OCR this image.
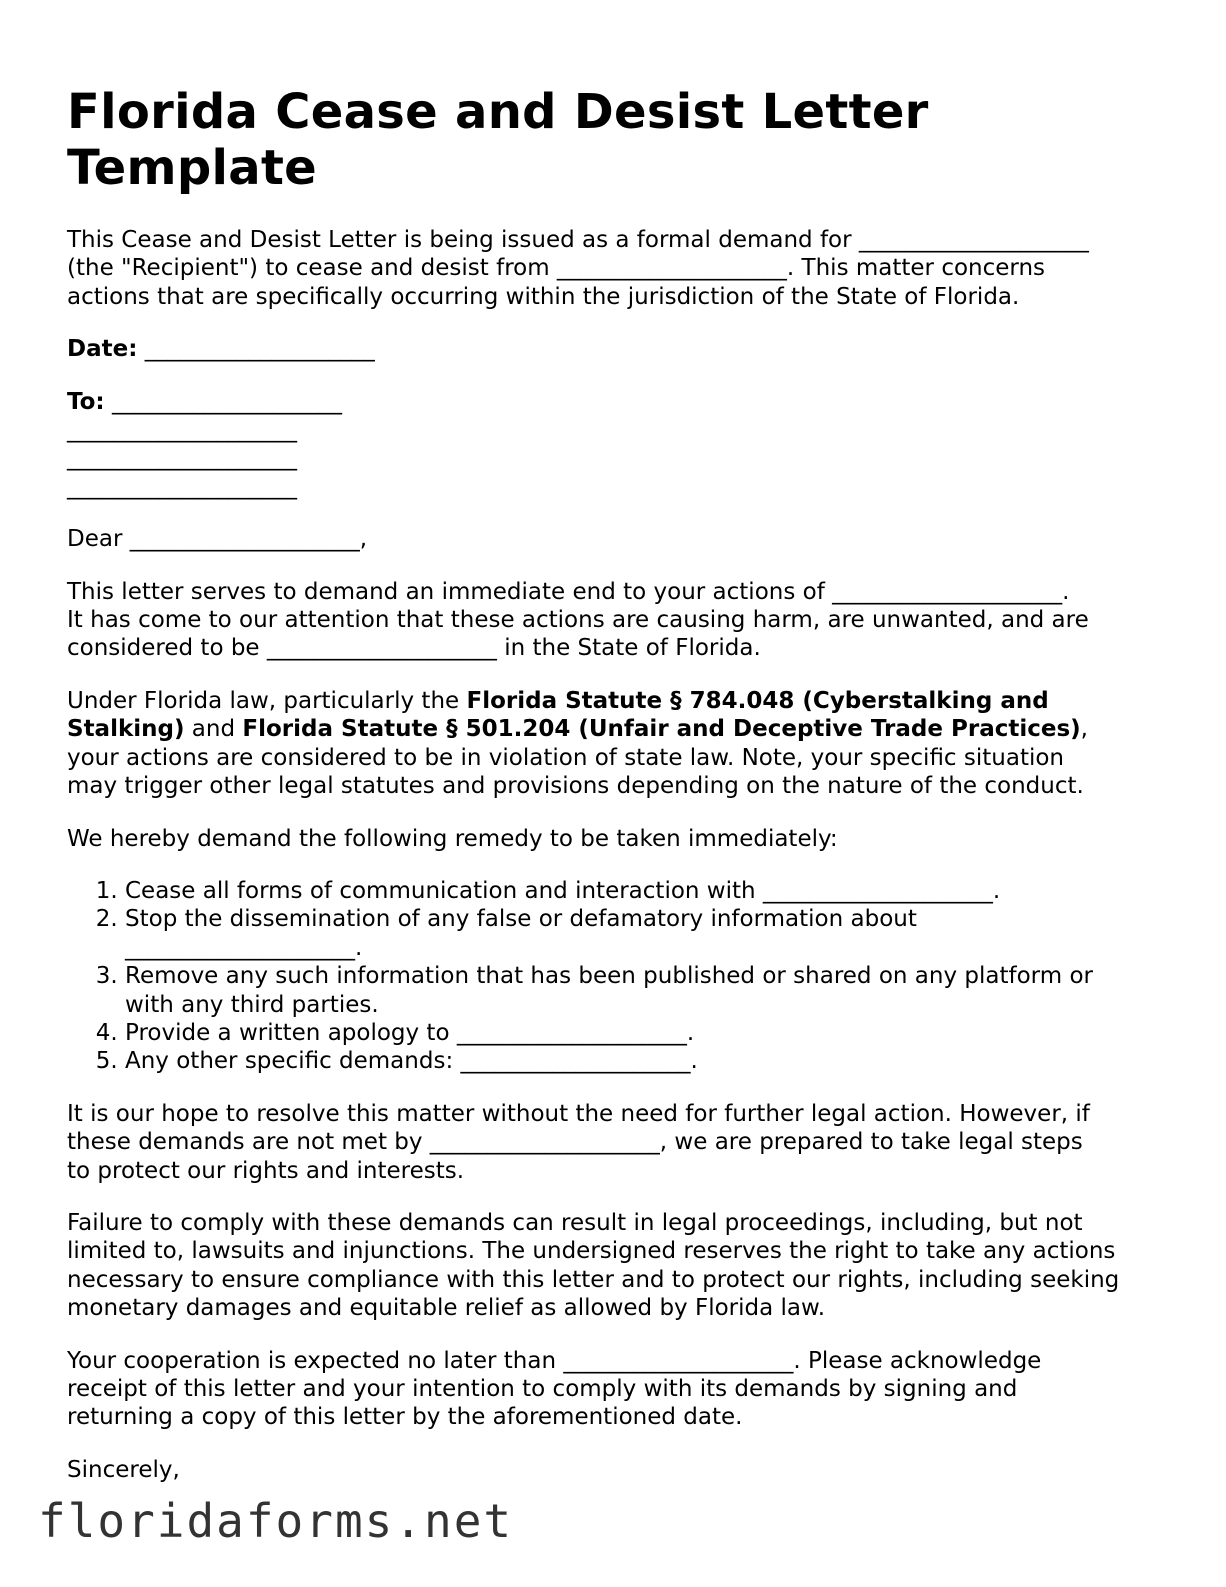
Florida Cease and Desist Letter Template
This Cease and Desist Letter is being issued as a formal demand for ____________________
(the "Recipient") to cease and desist from ____________________. This matter concerns
actions that are specifically occurring within the jurisdiction of the State of Florida.
Date: ____________________
To: ____________________
____________________
____________________
____________________
Dear ____________________,
This letter serves to demand an immediate end to your actions of ____________________.
It has come to our attention that these actions are causing harm, are unwanted, and are
considered to be ____________________ in the State of Florida.
Under Florida law, particularly the Florida Statute § 784.048 (Cyberstalking and
Stalking) and Florida Statute § 501.204 (Unfair and Deceptive Trade Practices),
your actions are considered to be in violation of state law. Note, your specific situation
may trigger other legal statutes and provisions depending on the nature of the conduct.
We hereby demand the following remedy to be taken immediately:
1. Cease all forms of communication and interaction with ____________________.
2. Stop the dissemination of any false or defamatory information about ____________________.
3. Remove any such information that has been published or shared on any platform or with any third parties.
4. Provide a written apology to ____________________.
5. Any other specific demands: ____________________.
It is our hope to resolve this matter without the need for further legal action. However, if
these demands are not met by ____________________, we are prepared to take legal steps
to protect our rights and interests.
Failure to comply with these demands can result in legal proceedings, including, but not
limited to, lawsuits and injunctions. The undersigned reserves the right to take any actions
necessary to ensure compliance with this letter and to protect our rights, including seeking
monetary damages and equitable relief as allowed by Florida law.
Your cooperation is expected no later than ____________________. Please acknowledge
receipt of this letter and your intention to comply with its demands by signing and
returning a copy of this letter by the aforementioned date.
Sincerely,
floridaforms.net
